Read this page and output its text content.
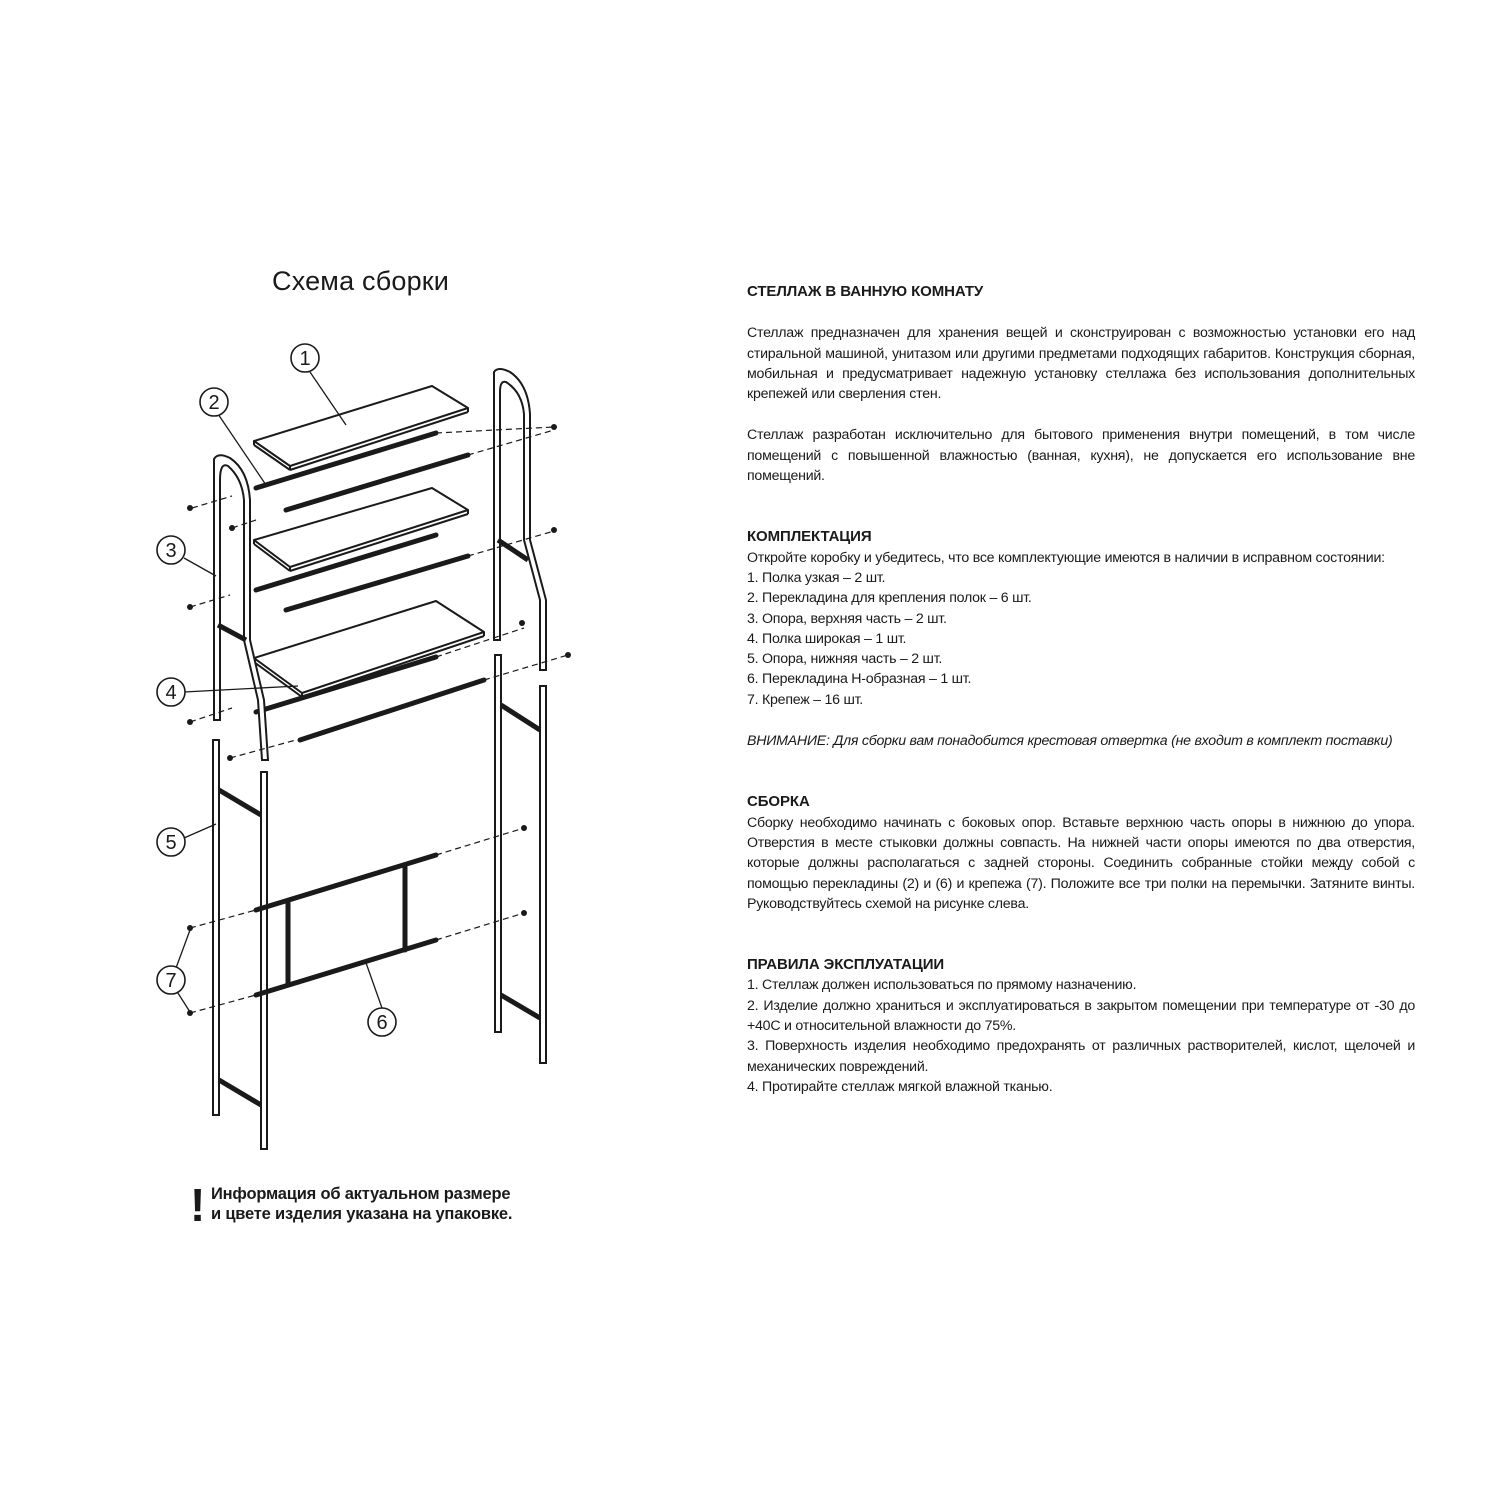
Схема сборки
1
2
3
4
5
6
7
! Информация об актуальном размере
и цвете изделия указана на упаковке.
СТЕЛЛАЖ В ВАННУЮ КОМНАТУ

Стеллаж предназначен для хранения вещей и сконструирован с возможностью установки его над стиральной машиной, унитазом или другими предметами подходящих габаритов. Конструкция сборная, мобильная и предусматривает надежную установку стеллажа без использования дополнительных крепежей или сверления стен.

Стеллаж разработан исключительно для бытового применения внутри помещений, в том числе помещений с повышенной влажностью (ванная, кухня), не допускается его использование вне помещений.

КОМПЛЕКТАЦИЯ

Откройте коробку и убедитесь, что все комплектующие имеются в наличии в исправном состоянии:

1. Полка узкая – 2 шт.
2. Перекладина для крепления полок – 6 шт.
3. Опора, верхняя часть – 2 шт.
4. Полка широкая – 1 шт.
5. Опора, нижняя часть – 2 шт.
6. Перекладина Н-образная – 1 шт.
7. Крепеж – 16 шт.

ВНИМАНИЕ: Для сборки вам понадобится крестовая отвертка (не входит в комплект поставки)

СБОРКА

Сборку необходимо начинать с боковых опор. Вставьте верхнюю часть опоры в нижнюю до упора. Отверстия в месте стыковки должны совпасть. На нижней части опоры имеются по два отверстия, которые должны располагаться с задней стороны. Соединить собранные стойки между собой с помощью перекладины (2) и (6) и крепежа (7). Положите все три полки на перемычки. Затяните винты. Руководствуйтесь схемой на рисунке слева.

ПРАВИЛА ЭКСПЛУАТАЦИИ

1. Стеллаж должен использоваться по прямому назначению.

2. Изделие должно храниться и эксплуатироваться в закрытом помещении при температуре от -30 до +40С и относительной влажности до 75%.

3. Поверхность изделия необходимо предохранять от различных растворителей, кислот, щелочей и механических повреждений.

4. Протирайте стеллаж мягкой влажной тканью.
